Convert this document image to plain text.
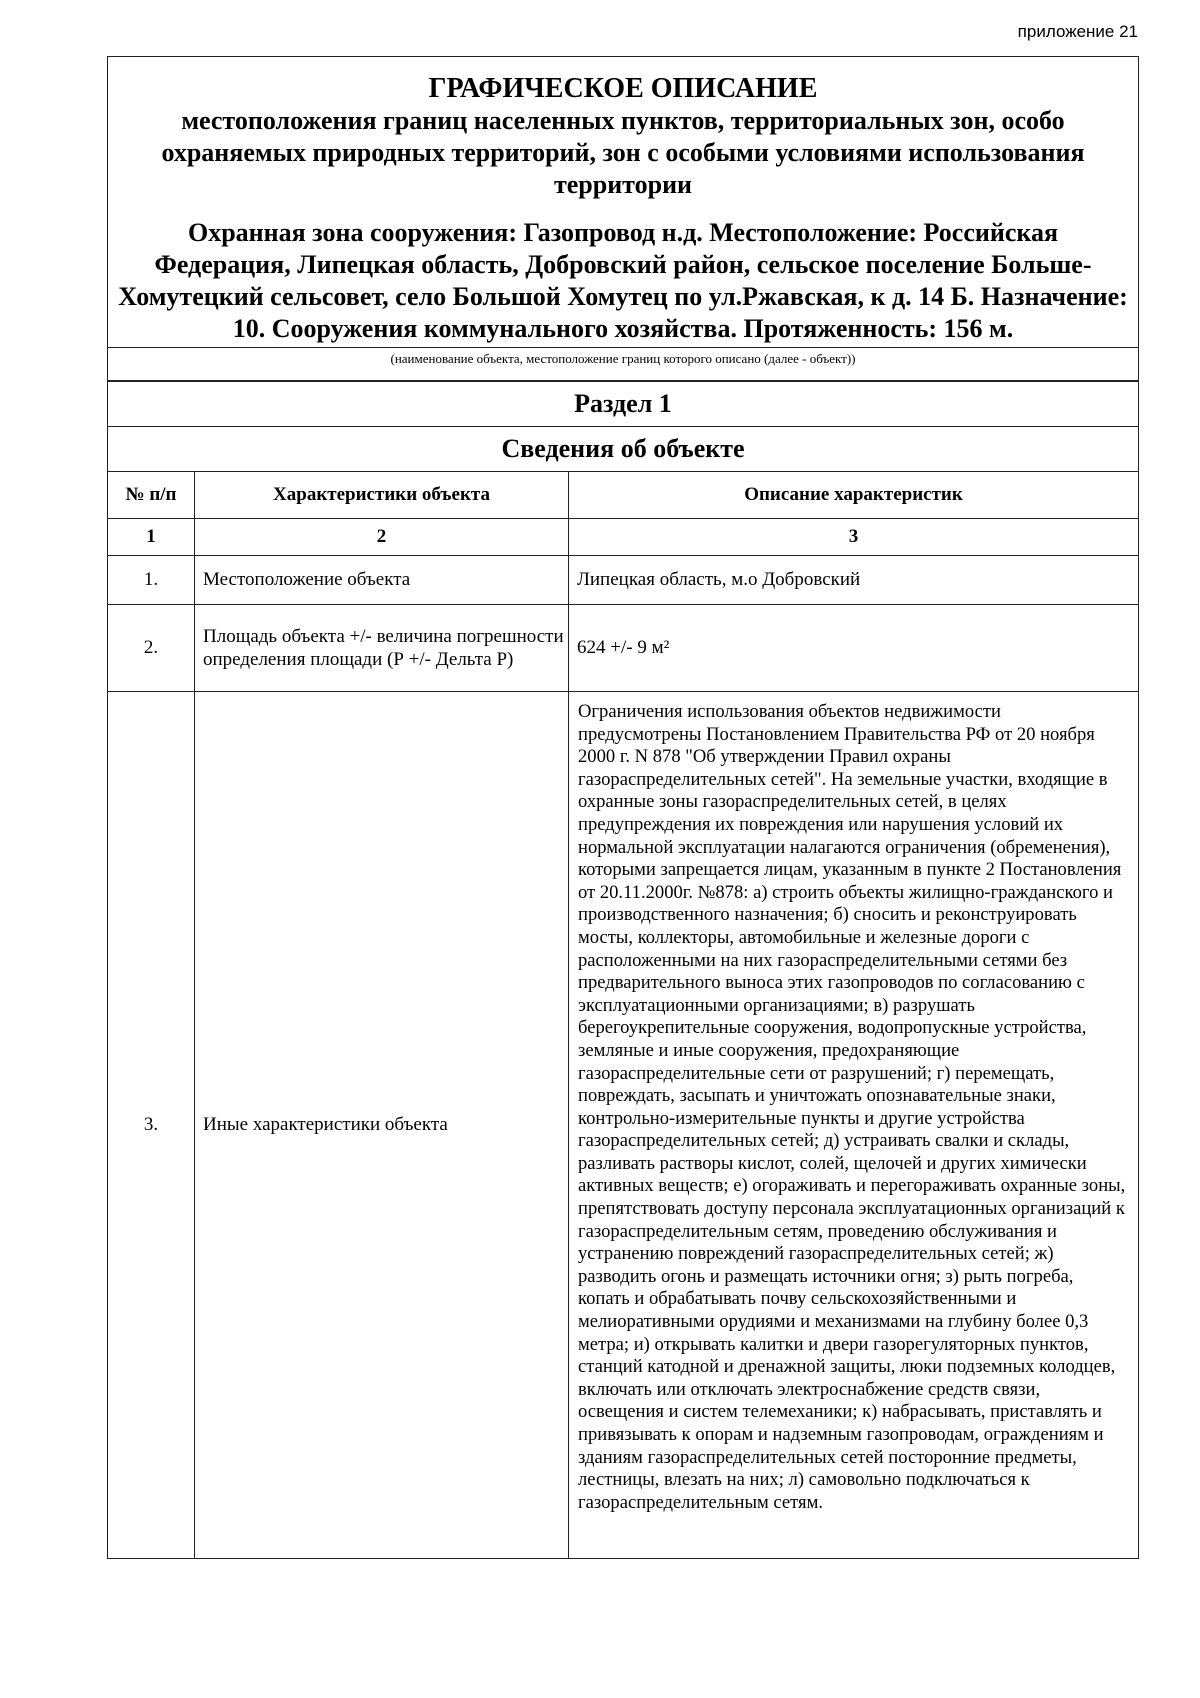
приложение 21
ГРАФИЧЕСКОЕ ОПИСАНИЕ
местоположения границ населенных пунктов, территориальных зон, особо охраняемых природных территорий, зон с особыми условиями использования территории
Охранная зона сооружения: Газопровод н.д. Местоположение: Российская Федерация, Липецкая область, Добровский район, сельское поселение Больше-Хомутецкий сельсовет, село Большой Хомутец по ул.Ржавская, к д. 14 Б. Назначение: 10. Сооружения коммунального хозяйства. Протяженность: 156 м.
(наименование объекта, местоположение границ которого описано (далее - объект))
Раздел 1
Сведения об объекте
№ п/п	Характеристики объекта	Описание характеристик
1	2	3
1.	Местоположение объекта	Липецкая область, м.о Добровский
2.	Площадь объекта +/- величина погрешности определения площади (Р +/- Дельта Р)	624 +/- 9 м²
3.	Иные характеристики объекта	Ограничения использования объектов недвижимости предусмотрены Постановлением Правительства РФ от 20 ноября 2000 г. N 878 "Об утверждении Правил охраны газораспределительных сетей". На земельные участки, входящие в охранные зоны газораспределительных сетей, в целях предупреждения их повреждения или нарушения условий их нормальной эксплуатации налагаются ограничения (обременения), которыми запрещается лицам, указанным в пункте 2 Постановления от 20.11.2000г. №878: а) строить объекты жилищно-гражданского и производственного назначения; б) сносить и реконструировать мосты, коллекторы, автомобильные и железные дороги с расположенными на них газораспределительными сетями без предварительного выноса этих газопроводов по согласованию с эксплуатационными организациями; в) разрушать берегоукрепительные сооружения, водопропускные устройства, земляные и иные сооружения, предохраняющие газораспределительные сети от разрушений; г) перемещать, повреждать, засыпать и уничтожать опознавательные знаки, контрольно-измерительные пункты и другие устройства газораспределительных сетей; д) устраивать свалки и склады, разливать растворы кислот, солей, щелочей и других химически активных веществ; е) огораживать и перегораживать охранные зоны, препятствовать доступу персонала эксплуатационных организаций к газораспределительным сетям, проведению обслуживания и устранению повреждений газораспределительных сетей; ж) разводить огонь и размещать источники огня; з) рыть погреба, копать и обрабатывать почву сельскохозяйственными и мелиоративными орудиями и механизмами на глубину более 0,3 метра; и) открывать калитки и двери газорегуляторных пунктов, станций катодной и дренажной защиты, люки подземных колодцев, включать или отключать электроснабжение средств связи, освещения и систем телемеханики; к) набрасывать, приставлять и привязывать к опорам и надземным газопроводам, ограждениям и зданиям газораспределительных сетей посторонние предметы, лестницы, влезать на них; л) самовольно подключаться к газораспределительным сетям.
